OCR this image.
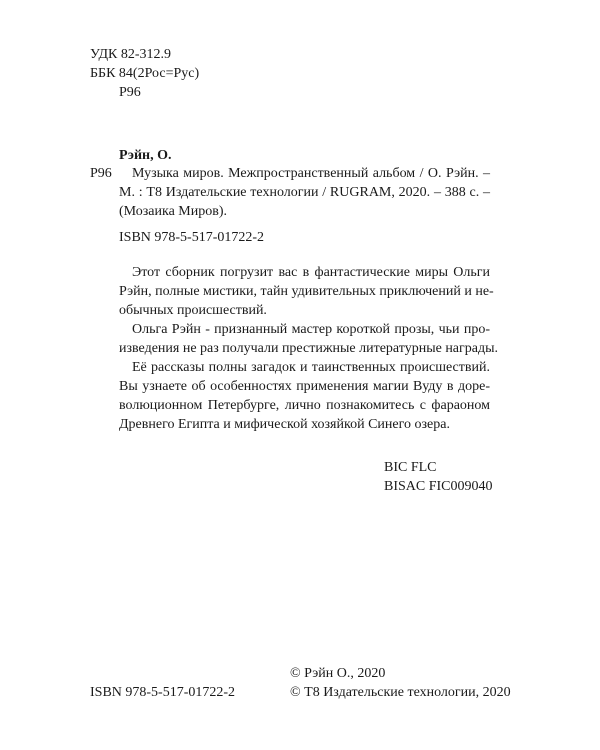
УДК 82-312.9
ББК 84(2Рос=Рус)
Р96
Рэйн, О.
Р96 Музыка миров. Межпространственный альбом / О. Рэйн. –
М. : Т8 Издательские технологии / RUGRAM, 2020. – 388 с. –
(Мозаика Миров).
ISBN 978-5-517-01722-2
Этот сборник погрузит вас в фантастические миры Ольги
Рэйн, полные мистики, тайн удивительных приключений и не-
обычных происшествий.
Ольга Рэйн - признанный мастер короткой прозы, чьи про-
изведения не раз получали престижные литературные награды.
Её рассказы полны загадок и таинственных происшествий.
Вы узнаете об особенностях применения магии Вуду в доре-
волюционном Петербурге, лично познакомитесь с фараоном
Древнего Египта и мифической хозяйкой Синего озера.
BIC FLC
BISAC FIC009040
ISBN 978-5-517-01722-2
© Рэйн О., 2020
© Т8 Издательские технологии, 2020
